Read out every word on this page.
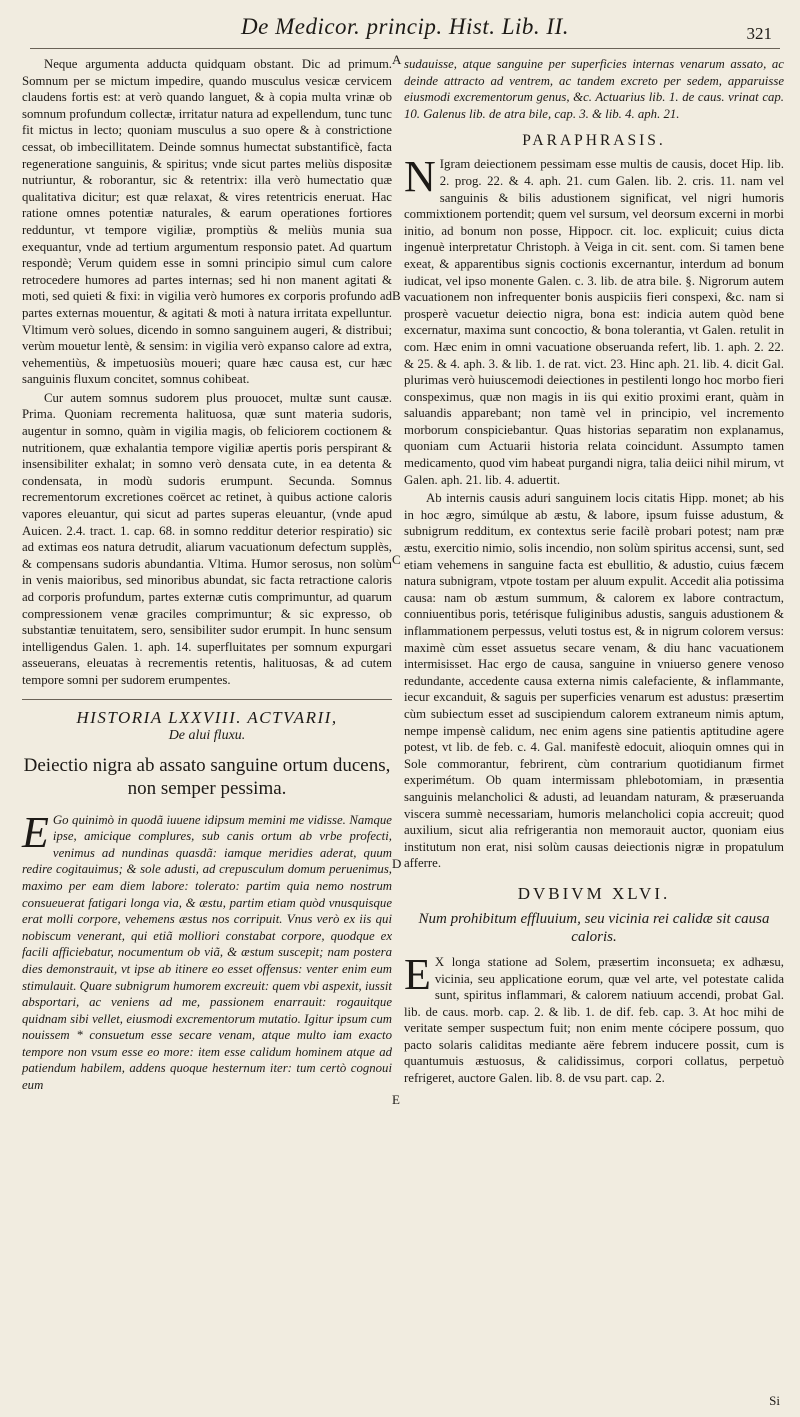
De Medicor. princip. Hist. Lib. II.	321
A
B
C
D
E

Neque argumenta adducta quidquam obstant. Dic ad primum. Somnum per se mictum impedire, quando musculus vesicæ cervicem claudens fortis est: at verò quando languet, & à copia multa vrinæ ob somnum profundum collectæ, irritatur natura ad expellendum, tunc tunc fit mictus in lecto; quoniam musculus a suo opere & à constrictione cessat, ob imbecillitatem. Deinde somnus humectat substantificè, facta regeneratione sanguinis, & spiritus; vnde sicut partes meliùs dispositæ nutriuntur, & roborantur, sic & retentrix: illa verò humectatio quæ qualitativa dicitur; est quæ relaxat, & vires retentricis eneruat. Hac ratione omnes potentiæ naturales, & earum operationes fortiores redduntur, vt tempore vigiliæ, promptiùs & meliùs munia sua exequantur, vnde ad tertium argumentum responsio patet. Ad quartum respondè; Verum quidem esse in somni principio simul cum calore retrocedere humores ad partes internas; sed hi non manent agitati & moti, sed quieti & fixi: in vigilia verò humores ex corporis profundo ad partes externas mouentur, & agitati & moti à natura irritata expelluntur. Vltimum verò solues, dicendo in somno sanguinem augeri, & distribui; verùm mouetur lentè, & sensim: in vigilia verò expanso calore ad extra, vehementiùs, & impetuosiùs moueri; quare hæc causa est, cur hæc sanguinis fluxum concitet, somnus cohibeat.

Cur autem somnus sudorem plus prouocet, multæ sunt causæ. Prima. Quoniam recrementa halituosa, quæ sunt materia sudoris, augentur in somno, quàm in vigilia magis, ob feliciorem coctionem & nutritionem, quæ exhalantia tempore vigiliæ apertis poris perspirant & insensibiliter exhalat; in somno verò densata cute, in ea detenta & condensata, in modù sudoris erumpunt. Secunda. Somnus recrementorum excretiones coërcet ac retinet, à quibus actione caloris vapores eleuantur, qui sicut ad partes superas eleuantur, (vnde apud Auicen. 2.4. tract. 1. cap. 68. in somno redditur deterior respiratio) sic ad extimas eos natura detrudit, aliarum vacuationum defectum supplès, & compensans sudoris abundantia. Vltima. Humor serosus, non solùm in venis maioribus, sed minoribus abundat, sic facta retractione caloris ad corporis profundum, partes externæ cutis comprimuntur, ad quarum compressionem venæ graciles comprimuntur; & sic expresso, ob substantiæ tenuitatem, sero, sensibiliter sudor erumpit. In hunc sensum intelligendus Galen. 1. aph. 14. superfluitates per somnum expurgari asseuerans, eleuatas à recrementis retentis, halituosas, & ad cutem tempore somni per sudorem erumpentes.

HISTORIA LXXVIII. ACTVARII,
De alui fluxu.
Deiectio nigra ab assato sanguine ortum ducens, non semper pessima.

E Go quinimò in quodã iuuene idipsum memini me vidisse. Namque ipse, amicique complures, sub canis ortum ab vrbe profecti, venimus ad nundinas quasdã: iamque meridies aderat, quum redire cogitauimus; & sole adusti, ad crepusculum domum peruenimus, maximo per eam diem labore: tolerato: partim quia nemo nostrum consueuerat fatigari longa via, & æstu, partim etiam quòd vnusquisque erat molli corpore, vehemens æstus nos corripuit. Vnus verò ex iis qui nobiscum venerant, qui etiã molliori constabat corpore, quodque ex facili afficiebatur, nocumentum ob viã, & æstum suscepit; nam postera dies demonstrauit, vt ipse ab itinere eo esset offensus: venter enim eum stimulauit. Quare subnigrum humorem excreuit: quem vbi aspexit, iussit absportari, ac veniens ad me, passionem enarrauit: rogauitque quidnam sibi vellet, eiusmodi excrementorum mutatio. Igitur ipsum cum nouissem * consuetum esse secare venam, atque multo iam exacto tempore non vsum esse eo more: item esse calidum hominem atque ad patiendum habilem, addens quoque hesternum iter: tum certò cognoui eum

sudauisse, atque sanguine per superficies internas venarum assato, ac deinde attracto ad ventrem, ac tandem excreto per sedem, apparuisse eiusmodi excrementorum genus, &c. Actuarius lib. 1. de caus. vrinat cap. 10. Galenus lib. de atra bile, cap. 3. & lib. 4. aph. 21.

PARAPHRASIS.

N Igram deiectionem pessimam esse multis de causis, docet Hip. lib. 2. prog. 22. & 4. aph. 21. cum Galen. lib. 2. cris. 11. nam vel sanguinis & bilis adustionem significat, vel nigri humoris commixtionem portendit; quem vel sursum, vel deorsum excerni in morbi initio, ad bonum non posse, Hippocr. cit. loc. explicuit; cuius dicta ingenuè interpretatur Christoph. à Veiga in cit. sent. com. Si tamen bene exeat, & apparentibus signis coctionis excernantur, interdum ad bonum iudicat, vel ipso monente Galen. c. 3. lib. de atra bile. §. Nigrorum autem vacuationem non infrequenter bonis auspiciis fieri conspexi, &c. nam si prosperè vacuetur deiectio nigra, bona est: indicia autem quòd bene excernatur, maxima sunt concoctio, & bona tolerantia, vt Galen. retulit in com. Hæc enim in omni vacuatione obseruanda refert, lib. 1. aph. 2. 22. & 25. & 4. aph. 3. & lib. 1. de rat. vict. 23. Hinc aph. 21. lib. 4. dicit Gal. plurimas verò huiuscemodi deiectiones in pestilenti longo hoc morbo fieri conspeximus, quæ non magis in iis qui exitio proximi erant, quàm in saluandis apparebant; non tamè vel in principio, vel incremento morborum conspiciebantur. Quas historias separatim non explanamus, quoniam cum Actuarii historia relata coincidunt. Assumpto tamen medicamento, quod vim habeat purgandi nigra, talia deiici nihil mirum, vt Galen. aph. 21. lib. 4. aduertit.

Ab internis causis aduri sanguinem locis citatis Hipp. monet; ab his in hoc ægro, simúlque ab æstu, & labore, ipsum fuisse adustum, & subnigrum redditum, ex contextus serie facilè probari potest; nam præ æstu, exercitio nimio, solis incendio, non solùm spiritus accensi, sunt, sed etiam vehemens in sanguine facta est ebullitio, & adustio, cuius fæcem natura subnigram, vtpote tostam per aluum expulit. Accedit alia potissima causa: nam ob æstum summum, & calorem ex labore contractum, conniuentibus poris, tetérisque fuliginibus adustis, sanguis adustionem & inflammationem perpessus, veluti tostus est, & in nigrum colorem versus: maximè cùm esset assuetus secare venam, & diu hanc vacuationem intermisisset. Hac ergo de causa, sanguine in vniuerso genere venoso redundante, accedente causa externa nimis calefaciente, & inflammante, iecur excanduit, & saguis per superficies venarum est adustus: præsertim cùm subiectum esset ad suscipiendum calorem extraneum nimis aptum, nempe impensè calidum, nec enim agens sine patientis aptitudine agere potest, vt lib. de feb. c. 4. Gal. manifestè edocuit, alioquin omnes qui in Sole commorantur, febrirent, cùm contrarium quotidianum firmet experimétum. Ob quam intermissam phlebotomiam, in præsentia sanguinis melancholici & adusti, ad leuandam naturam, & præseruanda viscera summè necessariam, humoris melancholici copia accreuit; quod auxilium, sicut alia refrigerantia non memorauit auctor, quoniam eius institutum non erat, nisi solùm causas deiectionis nigræ in propatulum afferre.

DVBIVM XLVI.
Num prohibitum effluuium, seu vicinia rei calidæ sit causa caloris.

E X longa statione ad Solem, præsertim inconsueta; ex adhæsu, vicinia, seu applicatione eorum, quæ vel arte, vel potestate calida sunt, spiritus inflammari, & calorem natiuum accendi, probat Gal. lib. de caus. morb. cap. 2. & lib. 1. de dif. feb. cap. 3. At hoc mihi de veritate semper suspectum fuit; non enim mente cócipere possum, quo pacto solaris caliditas mediante aëre febrem inducere possit, cum is quantumuis æstuosus, & calidissimus, corpori collatus, perpetuò refrigeret, auctore Galen. lib. 8. de vsu part. cap. 2.

Si
